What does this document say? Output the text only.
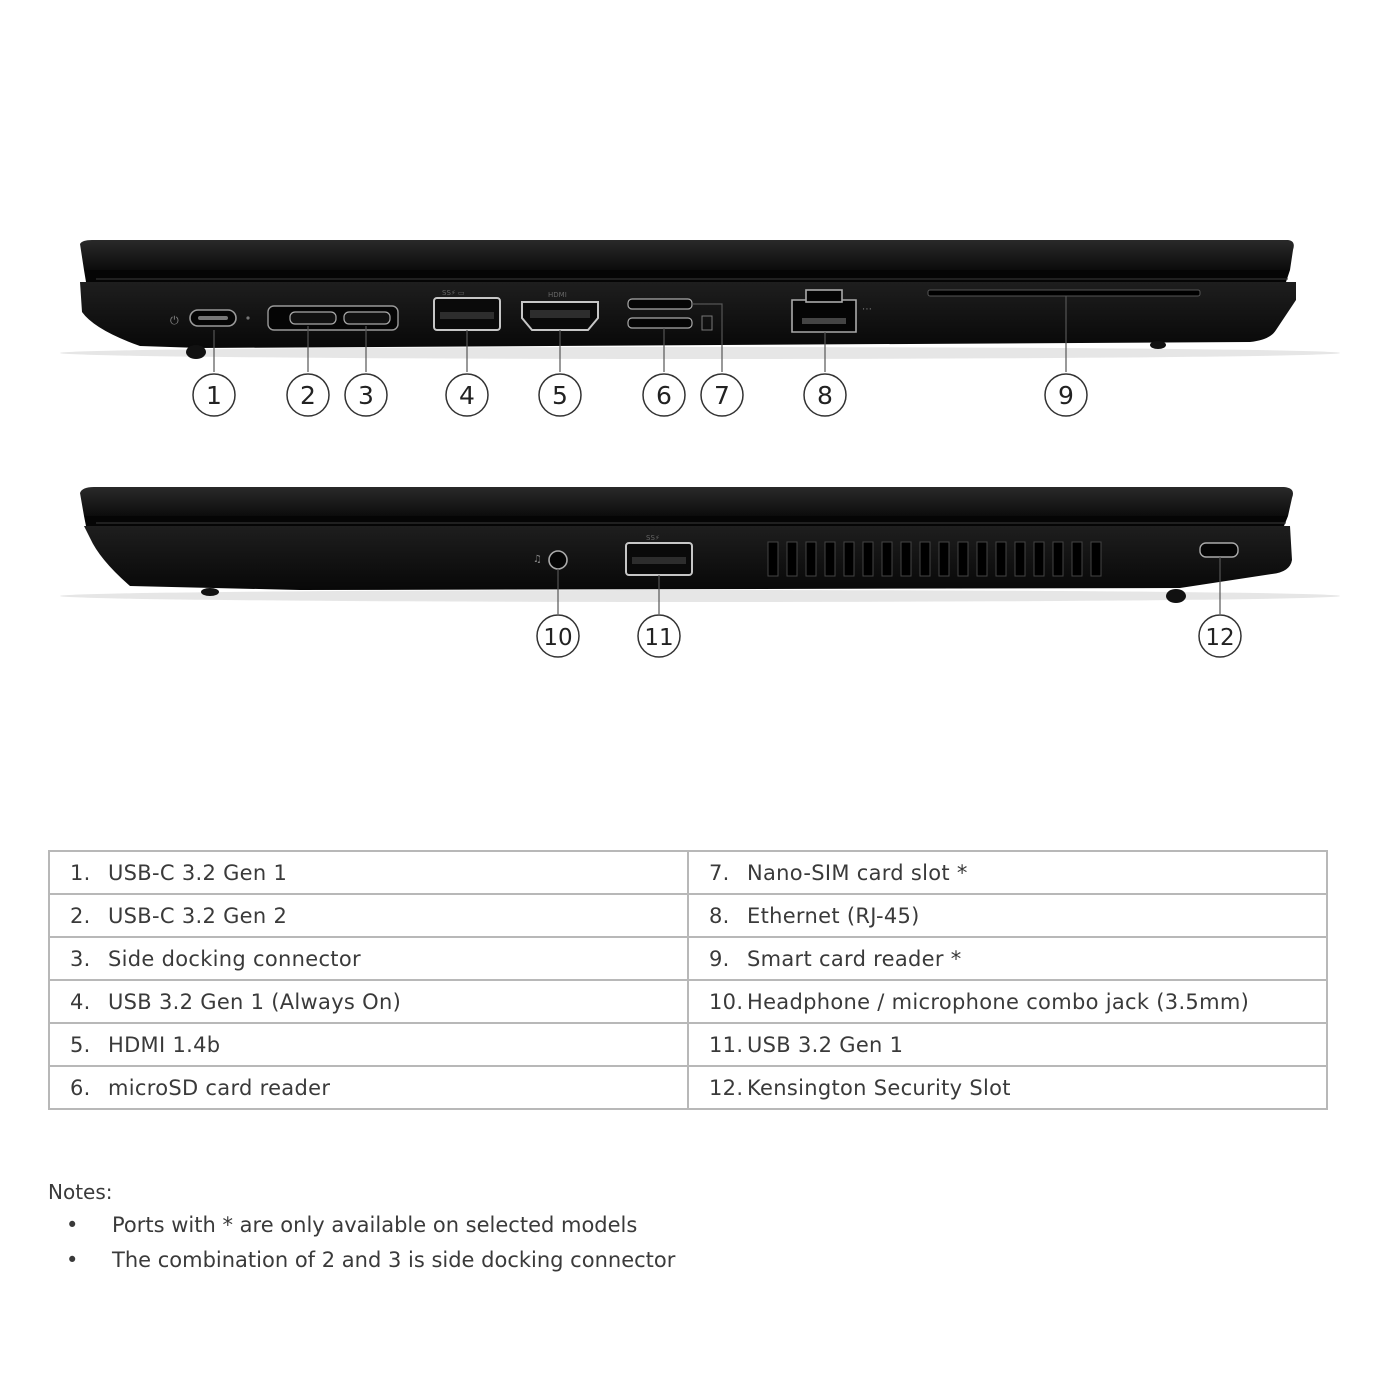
⏻
SS⚡ ▭	HDMI
⋯
♫
SS⚡
1	2 3	4	5	6 7	8	9
10	11	12
1. USB-C 3.2 Gen 1	7. Nano-SIM card slot *
2. USB-C 3.2 Gen 2	8. Ethernet (RJ-45)
3. Side docking connector	9. Smart card reader *
4. USB 3.2 Gen 1 (Always On)	10. Headphone / microphone combo jack (3.5mm)
5. HDMI 1.4b	11. USB 3.2 Gen 1
6. microSD card reader	12. Kensington Security Slot
Notes:
• Ports with * are only available on selected models
• The combination of 2 and 3 is side docking connector
